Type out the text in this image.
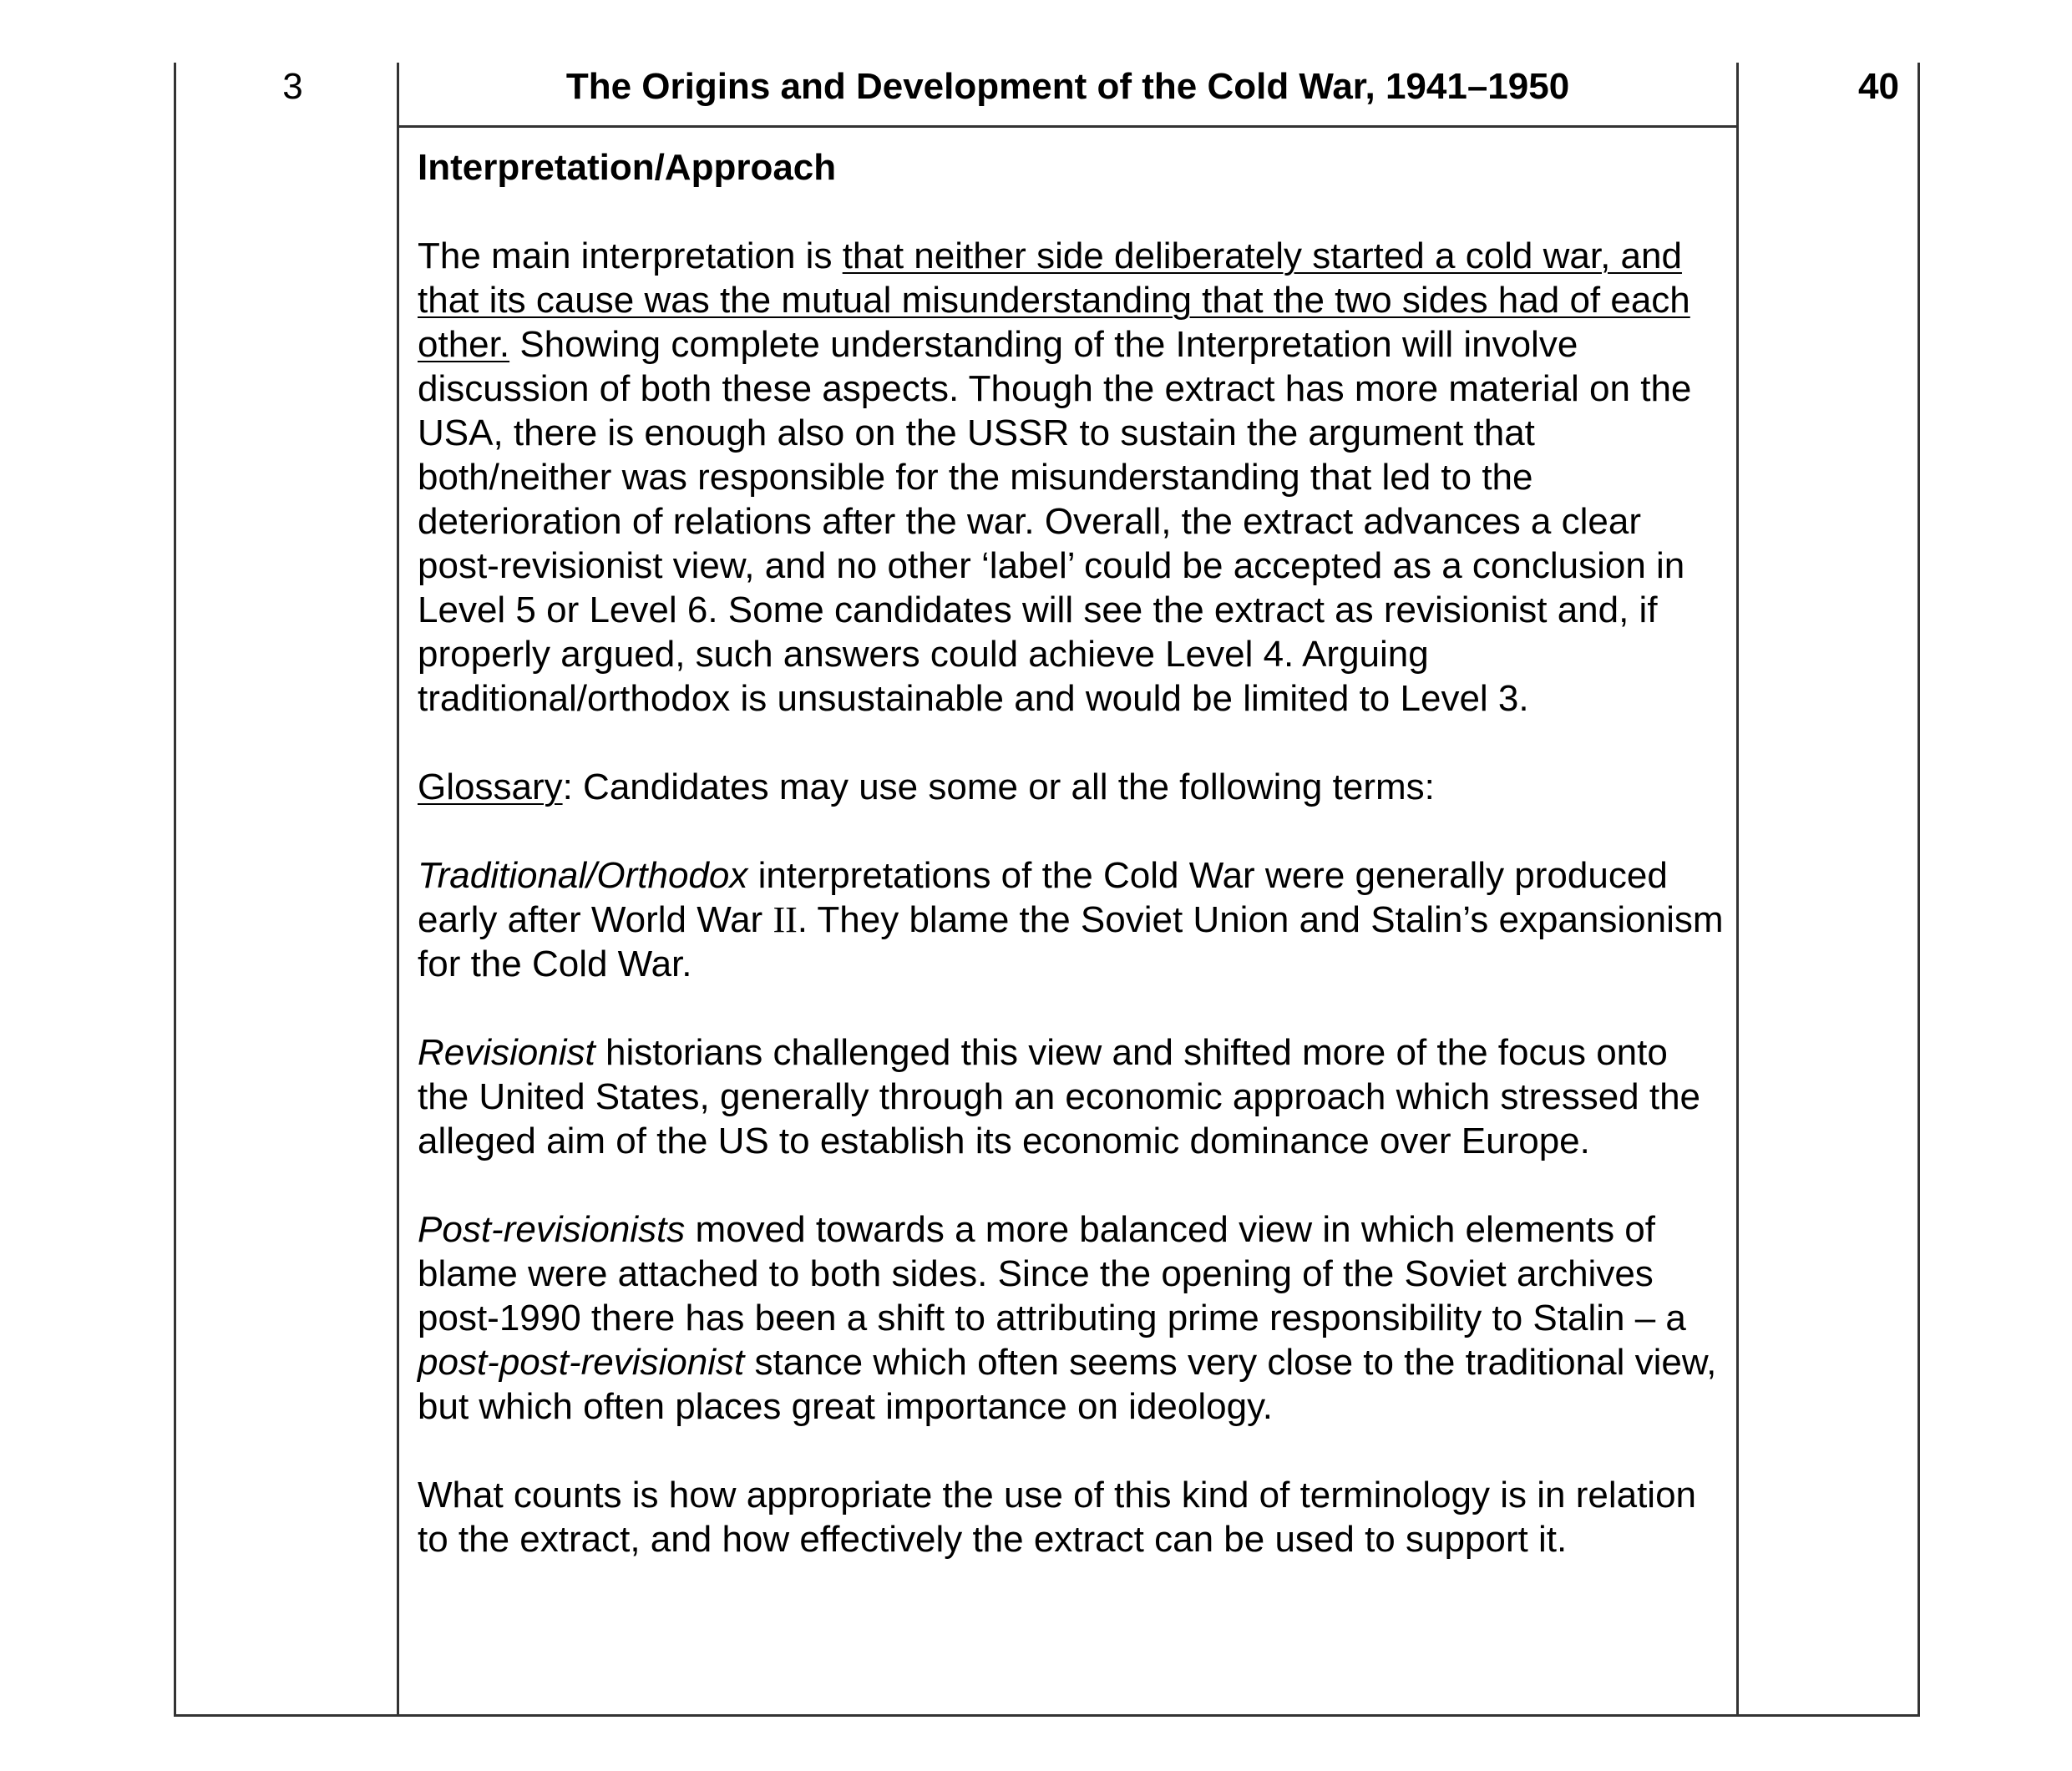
3	The Origins and Development of the Cold War, 1941–1950	40
Interpretation/Approach

The main interpretation is that neither side deliberately started a cold war, and that its cause was the mutual misunderstanding that the two sides had of each other. Showing complete understanding of the Interpretation will involve discussion of both these aspects. Though the extract has more material on the USA, there is enough also on the USSR to sustain the argument that both/neither was responsible for the misunderstanding that led to the deterioration of relations after the war. Overall, the extract advances a clear post-revisionist view, and no other ‘label’ could be accepted as a conclusion in Level 5 or Level 6. Some candidates will see the extract as revisionist and, if properly argued, such answers could achieve Level 4. Arguing traditional/orthodox is unsustainable and would be limited to Level 3.

Glossary: Candidates may use some or all the following terms:

Traditional/Orthodox interpretations of the Cold War were generally produced early after World War II. They blame the Soviet Union and Stalin’s expansionism for the Cold War.

Revisionist historians challenged this view and shifted more of the focus onto the United States, generally through an economic approach which stressed the alleged aim of the US to establish its economic dominance over Europe.

Post-revisionists moved towards a more balanced view in which elements of blame were attached to both sides. Since the opening of the Soviet archives post-1990 there has been a shift to attributing prime responsibility to Stalin – a post-post-revisionist stance which often seems very close to the traditional view, but which often places great importance on ideology.

What counts is how appropriate the use of this kind of terminology is in relation to the extract, and how effectively the extract can be used to support it.
